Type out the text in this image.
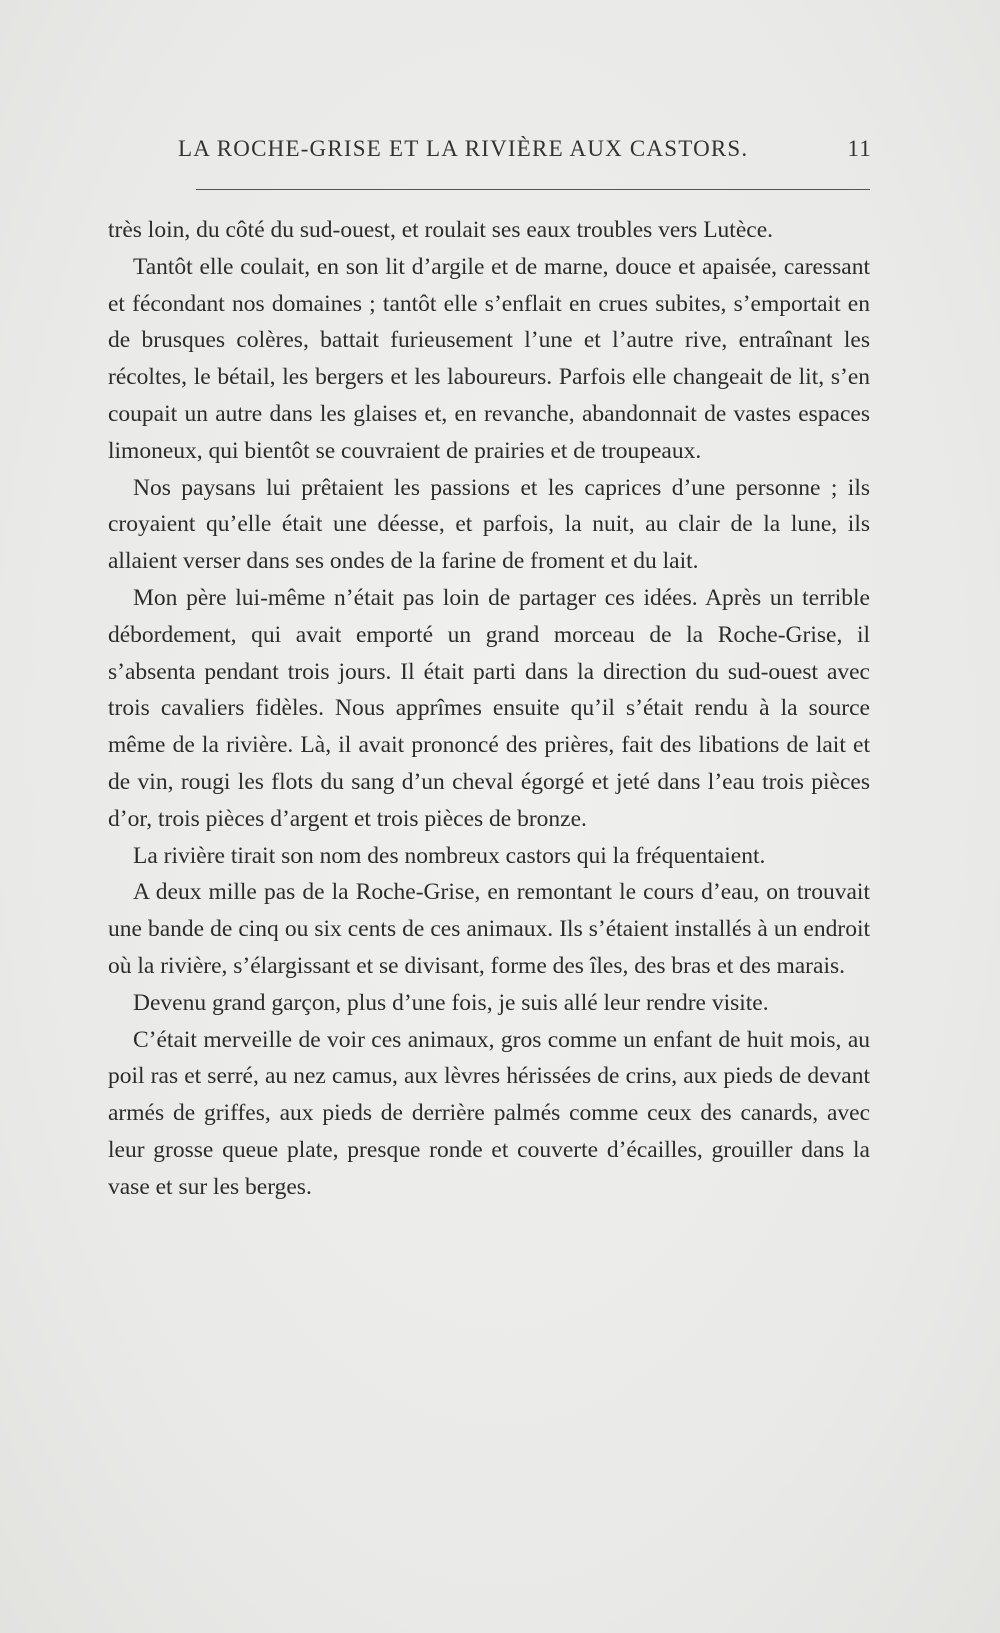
LA ROCHE-GRISE ET LA RIVIÈRE AUX CASTORS.	11

très loin, du côté du sud-ouest, et roulait ses eaux troubles vers Lutèce.

Tantôt elle coulait, en son lit d’argile et de marne, douce et apaisée, caressant et fécondant nos domaines ; tantôt elle s’enflait en crues subites, s’emportait en de brusques colères, battait furieusement l’une et l’autre rive, entraînant les récoltes, le bétail, les bergers et les laboureurs. Parfois elle changeait de lit, s’en coupait un autre dans les glaises et, en revanche, abandonnait de vastes espaces limoneux, qui bientôt se couvraient de prairies et de troupeaux.

Nos paysans lui prêtaient les passions et les caprices d’une personne ; ils croyaient qu’elle était une déesse, et parfois, la nuit, au clair de la lune, ils allaient verser dans ses ondes de la farine de froment et du lait.

Mon père lui-même n’était pas loin de partager ces idées. Après un terrible débordement, qui avait emporté un grand morceau de la Roche-Grise, il s’absenta pendant trois jours. Il était parti dans la direction du sud-ouest avec trois cavaliers fidèles. Nous apprîmes ensuite qu’il s’était rendu à la source même de la rivière. Là, il avait prononcé des prières, fait des libations de lait et de vin, rougi les flots du sang d’un cheval égorgé et jeté dans l’eau trois pièces d’or, trois pièces d’argent et trois pièces de bronze.

La rivière tirait son nom des nombreux castors qui la fréquentaient.

A deux mille pas de la Roche-Grise, en remontant le cours d’eau, on trouvait une bande de cinq ou six cents de ces animaux. Ils s’étaient installés à un endroit où la rivière, s’élargissant et se divisant, forme des îles, des bras et des marais.

Devenu grand garçon, plus d’une fois, je suis allé leur rendre visite.

C’était merveille de voir ces animaux, gros comme un enfant de huit mois, au poil ras et serré, au nez camus, aux lèvres hérissées de crins, aux pieds de devant armés de griffes, aux pieds de derrière palmés comme ceux des canards, avec leur grosse queue plate, presque ronde et couverte d’écailles, grouiller dans la vase et sur les berges.
